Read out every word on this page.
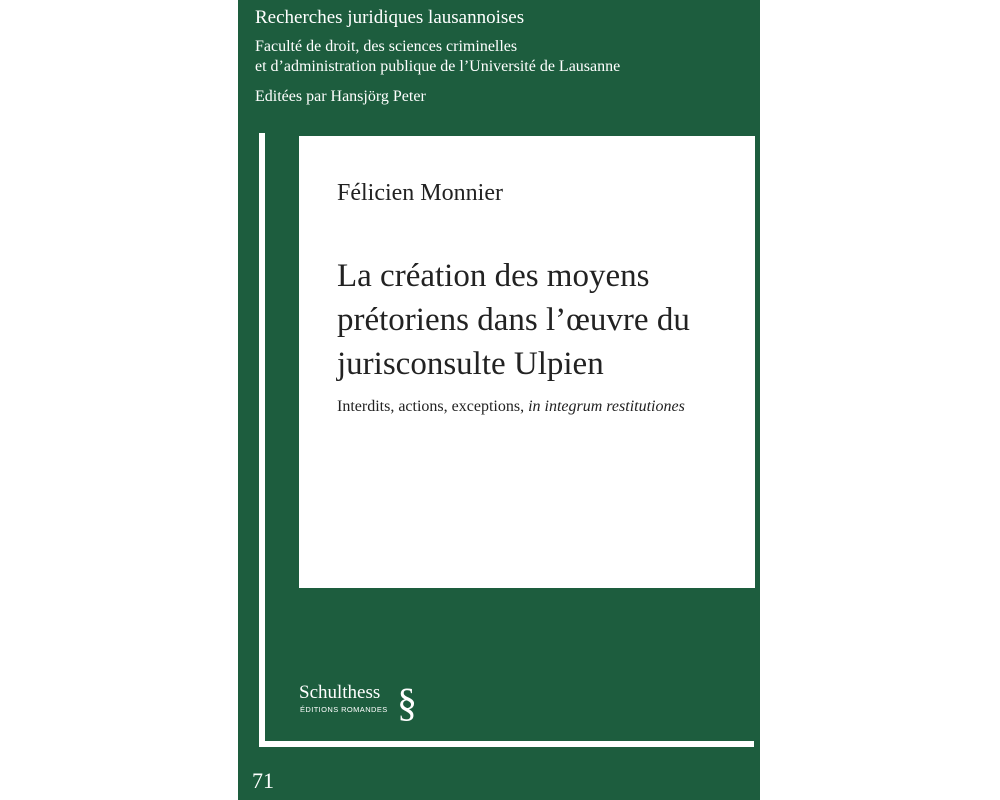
Recherches juridiques lausannoises
Faculté de droit, des sciences criminelles
et d’administration publique de l’Université de Lausanne
Editées par Hansjörg Peter
Félicien Monnier
La création des moyens
prétoriens dans l’œuvre du
jurisconsulte Ulpien
Interdits, actions, exceptions, in integrum restitutiones
Schulthess
ÉDITIONS ROMANDES §
71
